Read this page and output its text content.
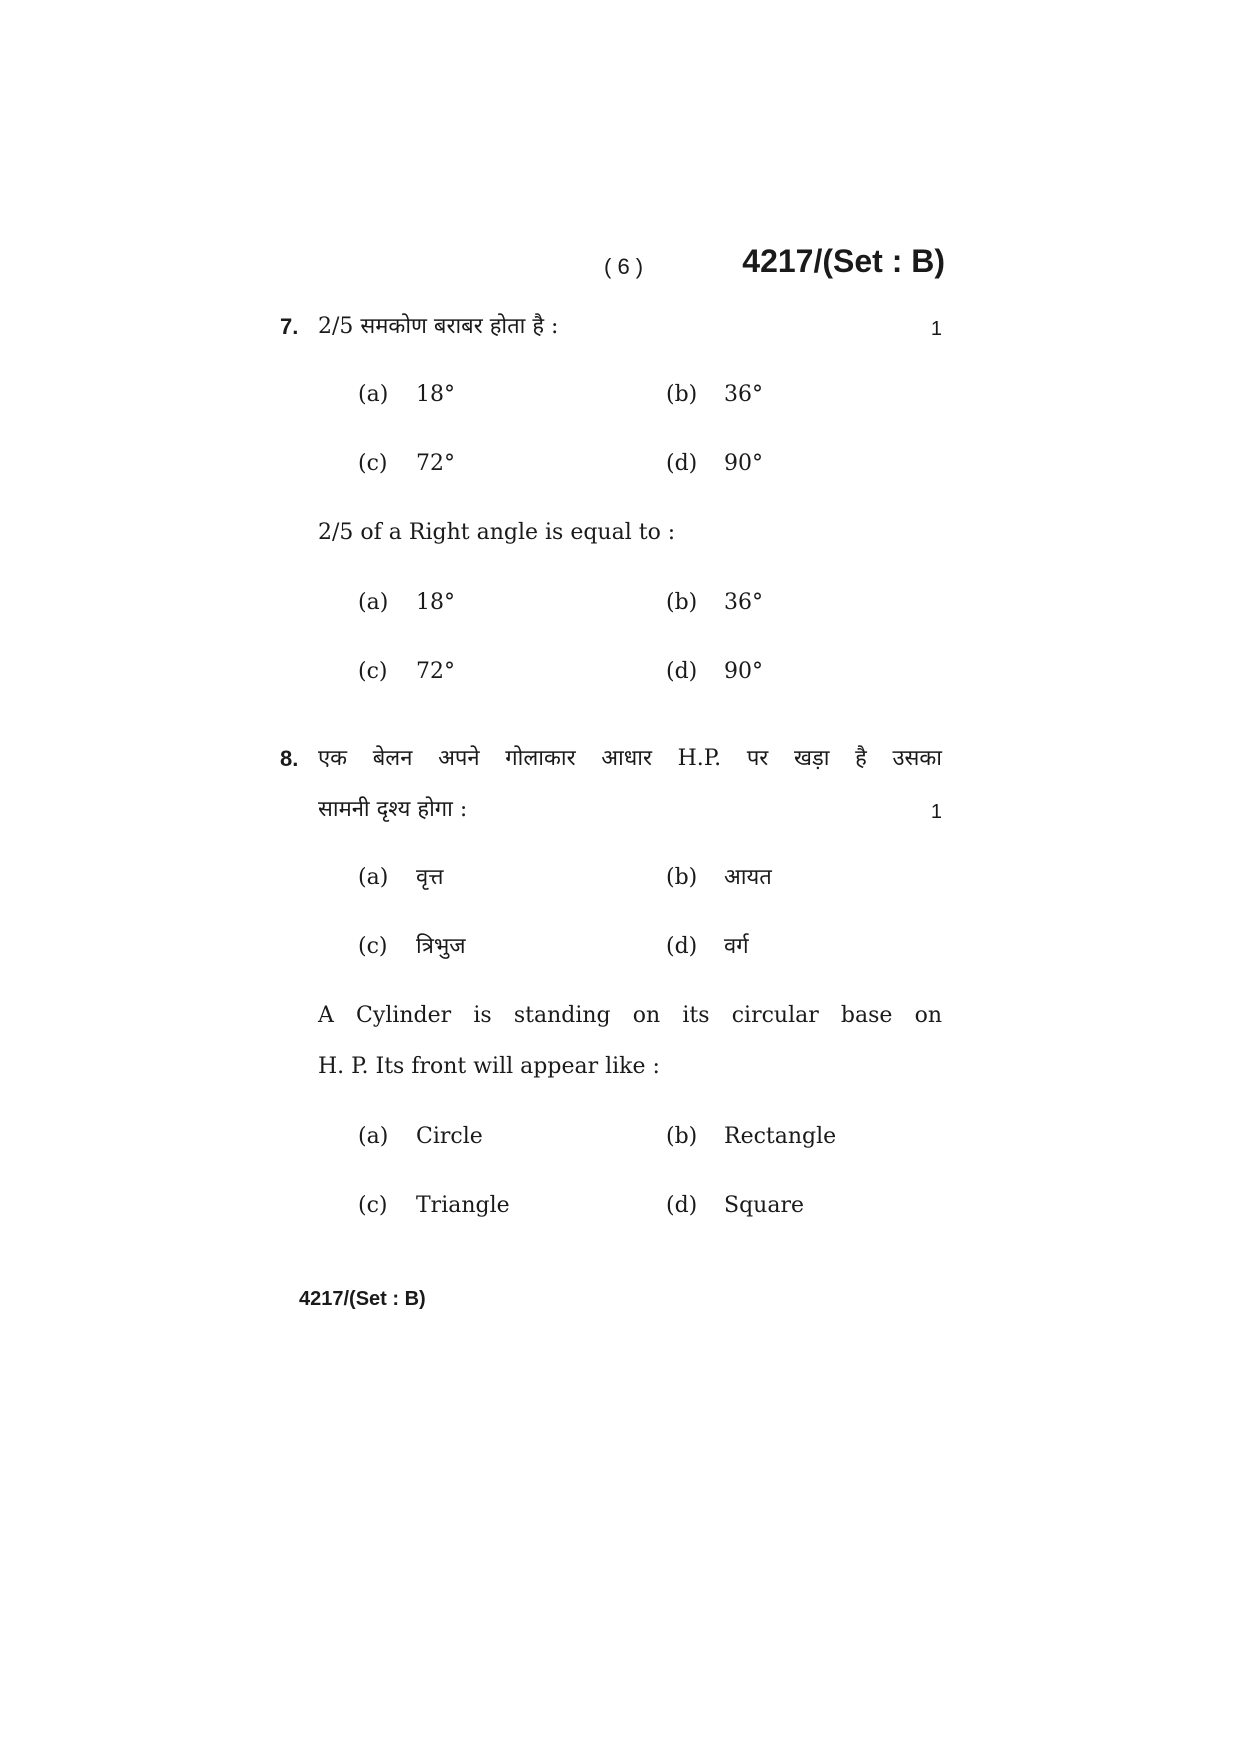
( 6 )	4217/(Set : B)
7. 2/5 समकोण बराबर होता है :	1
(a) 18°	(b) 36°
(c) 72°	(d) 90°
2/5 of a Right angle is equal to :
(a) 18°	(b) 36°
(c) 72°	(d) 90°
8. एक बेलन अपने गोलाकार आधार H.P. पर खड़ा है उसका
सामनी दृश्य होगा :	1
(a) वृत्त	(b) आयत
(c) त्रिभुज	(d) वर्ग
A Cylinder is standing on its circular base on
H. P. Its front will appear like :
(a) Circle	(b) Rectangle
(c) Triangle	(d) Square
4217/(Set : B)
